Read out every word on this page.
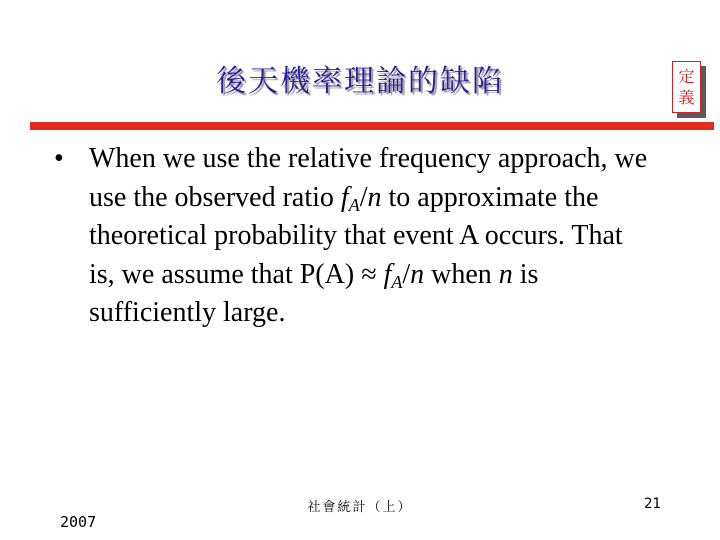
後天機率理論的缺陷	定
義
• When we use the relative frequency approach, we use the observed ratio $f_A/n$ to approximate the theoretical probability that event A occurs. That is, we assume that $P(A) \approx f_A/n$ when n is sufficiently large.
社會統計（上）
2007
21
